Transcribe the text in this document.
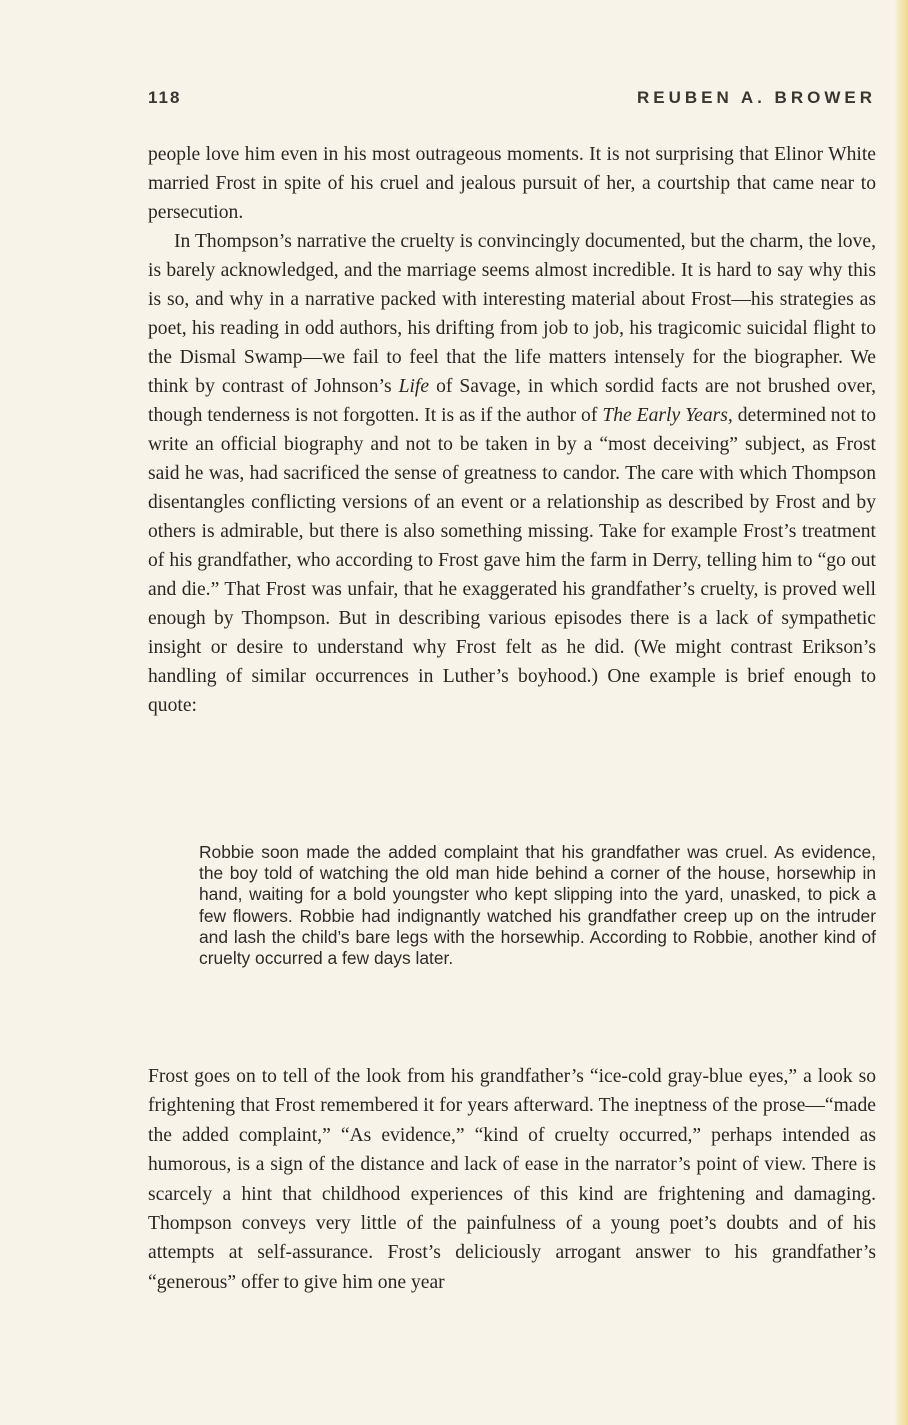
118	REUBEN A. BROWER

people love him even in his most outrageous moments. It is not surprising that Elinor White married Frost in spite of his cruel and jealous pursuit of her, a courtship that came near to persecution.

In Thompson’s narrative the cruelty is convincingly documented, but the charm, the love, is barely acknowledged, and the marriage seems almost incredible. It is hard to say why this is so, and why in a narrative packed with interesting material about Frost—his strategies as poet, his reading in odd authors, his drifting from job to job, his tragicomic suicidal flight to the Dismal Swamp—we fail to feel that the life matters intensely for the biographer. We think by contrast of Johnson’s Life of Savage, in which sordid facts are not brushed over, though tenderness is not forgotten. It is as if the author of The Early Years, determined not to write an official biography and not to be taken in by a “most deceiving” subject, as Frost said he was, had sacrificed the sense of greatness to candor. The care with which Thompson disentangles conflicting versions of an event or a relationship as described by Frost and by others is admirable, but there is also something missing. Take for example Frost’s treatment of his grandfather, who according to Frost gave him the farm in Derry, telling him to “go out and die.” That Frost was unfair, that he exaggerated his grandfather’s cruelty, is proved well enough by Thompson. But in describing various episodes there is a lack of sympathetic insight or desire to understand why Frost felt as he did. (We might contrast Erikson’s handling of similar occurrences in Luther’s boyhood.) One example is brief enough to quote:

Robbie soon made the added complaint that his grandfather was cruel. As evidence, the boy told of watching the old man hide behind a corner of the house, horsewhip in hand, waiting for a bold youngster who kept slipping into the yard, unasked, to pick a few flowers. Robbie had indignantly watched his grandfather creep up on the intruder and lash the child’s bare legs with the horsewhip. According to Robbie, another kind of cruelty occurred a few days later.

Frost goes on to tell of the look from his grandfather’s “ice-cold gray-blue eyes,” a look so frightening that Frost remembered it for years afterward. The ineptness of the prose—“made the added complaint,” “As evidence,” “kind of cruelty occurred,” perhaps intended as humorous, is a sign of the distance and lack of ease in the narrator’s point of view. There is scarcely a hint that childhood experiences of this kind are frightening and damaging. Thompson conveys very little of the painfulness of a young poet’s doubts and of his attempts at self-assurance. Frost’s deliciously arrogant answer to his grandfather’s “generous” offer to give him one year
